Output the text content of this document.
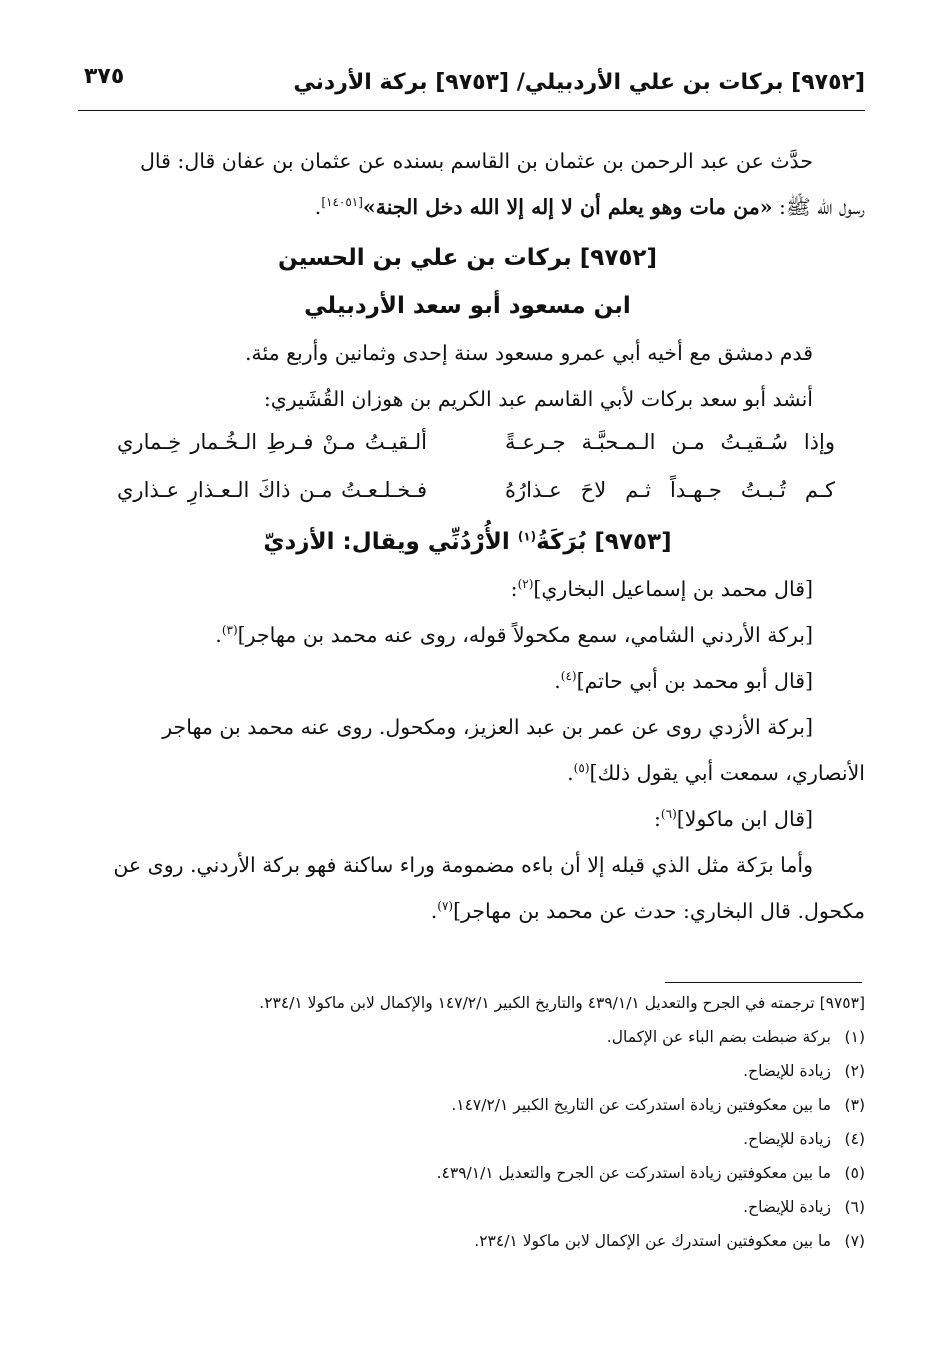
[٩٧٥٢] بركات بن علي الأردبيلي/ [٩٧٥٣] بركة الأردني
٣٧٥

حدَّث عن عبد الرحمن بن عثمان بن القاسم بسنده عن عثمان بن عفان قال: قال

رسول الله ﷺ: «من مات وهو يعلم أن لا إله إلا الله دخل الجنة»[١٤٠٥١].

[٩٧٥٢] بركات بن علي بن الحسين
ابن مسعود أبو سعد الأردبيلي

قدم دمشق مع أخيه أبي عمرو مسعود سنة إحدى وثمانين وأربع مئة.

أنشد أبو سعد بركات لأبي القاسم عبد الكريم بن هوزان القُشَيري:

وإذا سُـقيـتُ مـن الـمـحبَّـة جـرعـةً
ألـقيـتُ مـنْ فـرطِ الـخُـمار خِـماري
كـم تُـبـتُ جـهـداً ثـم لاحَ عـذارُهُ
فـخـلـعـتُ مـن ذاكَ الـعـذارِ عـذاري
[٩٧٥٣] بُرَكَةُ$^{(١)}$ الأُرْدُنِّي ويقال: الأزديّ

[قال محمد بن إسماعيل البخاري]$^{(٢)}$:

[بركة الأردني الشامي، سمع مكحولاً قوله، روى عنه محمد بن مهاجر]$^{(٣)}$.

[قال أبو محمد بن أبي حاتم]$^{(٤)}$.

[بركة الأزدي روى عن عمر بن عبد العزيز، ومكحول. روى عنه محمد بن مهاجر

الأنصاري، سمعت أبي يقول ذلك]$^{(٥)}$.

[قال ابن ماكولا]$^{(٦)}$:

وأما برَكة مثل الذي قبله إلا أن باءه مضمومة وراء ساكنة فهو بركة الأردني. روى عن

مكحول. قال البخاري: حدث عن محمد بن مهاجر]$^{(٧)}$.

[٩٧٥٣] ترجمته في الجرح والتعديل ٤٣٩/١/١ والتاريخ الكبير ١٤٧/٢/١ والإكمال لابن ماكولا ٢٣٤/١.
(١)بركة ضبطت بضم الباء عن الإكمال.
(٢)زيادة للإيضاح.
(٣)ما بين معكوفتين زيادة استدركت عن التاريخ الكبير ١٤٧/٢/١.
(٤)زيادة للإيضاح.
(٥)ما بين معكوفتين زيادة استدركت عن الجرح والتعديل ٤٣٩/١/١.
(٦)زيادة للإيضاح.
(٧)ما بين معكوفتين استدرك عن الإكمال لابن ماكولا ٢٣٤/١.
